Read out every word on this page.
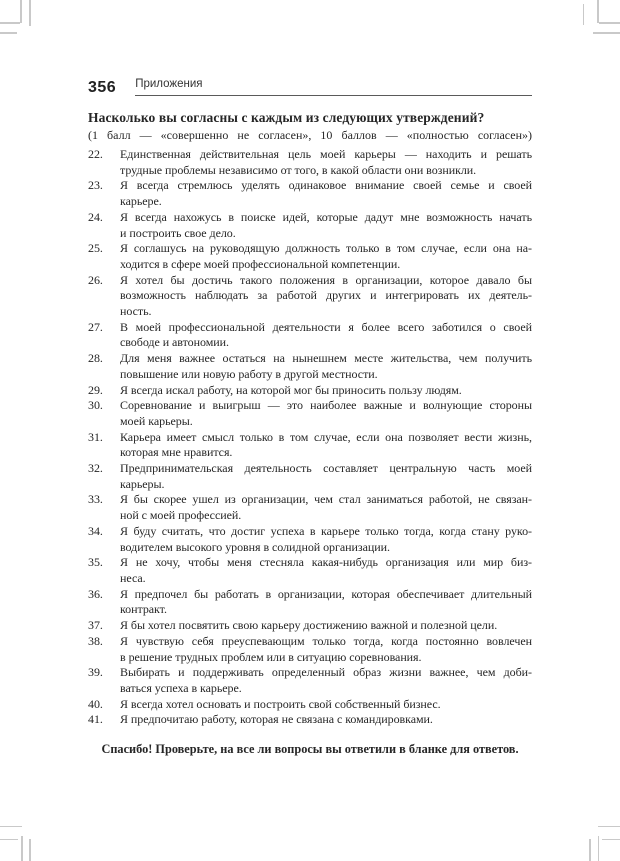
356 Приложения
Насколько вы согласны с каждым из следующих утверждений?
(1 балл — «совершенно не согласен», 10 баллов — «полностью согласен»)
22. Единственная действительная цель моей карьеры — находить и решать
трудные проблемы независимо от того, в какой области они возникли.
23. Я всегда стремлюсь уделять одинаковое внимание своей семье и своей
карьере.
24. Я всегда нахожусь в поиске идей, которые дадут мне возможность начать
и построить свое дело.
25. Я соглашусь на руководящую должность только в том случае, если она на-
ходится в сфере моей профессиональной компетенции.
26. Я хотел бы достичь такого положения в организации, которое давало бы
возможность наблюдать за работой других и интегрировать их деятель-
ность.
27. В моей профессиональной деятельности я более всего заботился о своей
свободе и автономии.
28. Для меня важнее остаться на нынешнем месте жительства, чем получить
повышение или новую работу в другой местности.
29. Я всегда искал работу, на которой мог бы приносить пользу людям.
30. Соревнование и выигрыш — это наиболее важные и волнующие стороны
моей карьеры.
31. Карьера имеет смысл только в том случае, если она позволяет вести жизнь,
которая мне нравится.
32. Предпринимательская деятельность составляет центральную часть моей
карьеры.
33. Я бы скорее ушел из организации, чем стал заниматься работой, не связан-
ной с моей профессией.
34. Я буду считать, что достиг успеха в карьере только тогда, когда стану руко-
водителем высокого уровня в солидной организации.
35. Я не хочу, чтобы меня стесняла какая-нибудь организация или мир биз-
неса.
36. Я предпочел бы работать в организации, которая обеспечивает длительный
контракт.
37. Я бы хотел посвятить свою карьеру достижению важной и полезной цели.
38. Я чувствую себя преуспевающим только тогда, когда постоянно вовлечен
в решение трудных проблем или в ситуацию соревнования.
39. Выбирать и поддерживать определенный образ жизни важнее, чем доби-
ваться успеха в карьере.
40. Я всегда хотел основать и построить свой собственный бизнес.
41. Я предпочитаю работу, которая не связана с командировками.
Спасибо! Проверьте, на все ли вопросы вы ответили в бланке для ответов.
